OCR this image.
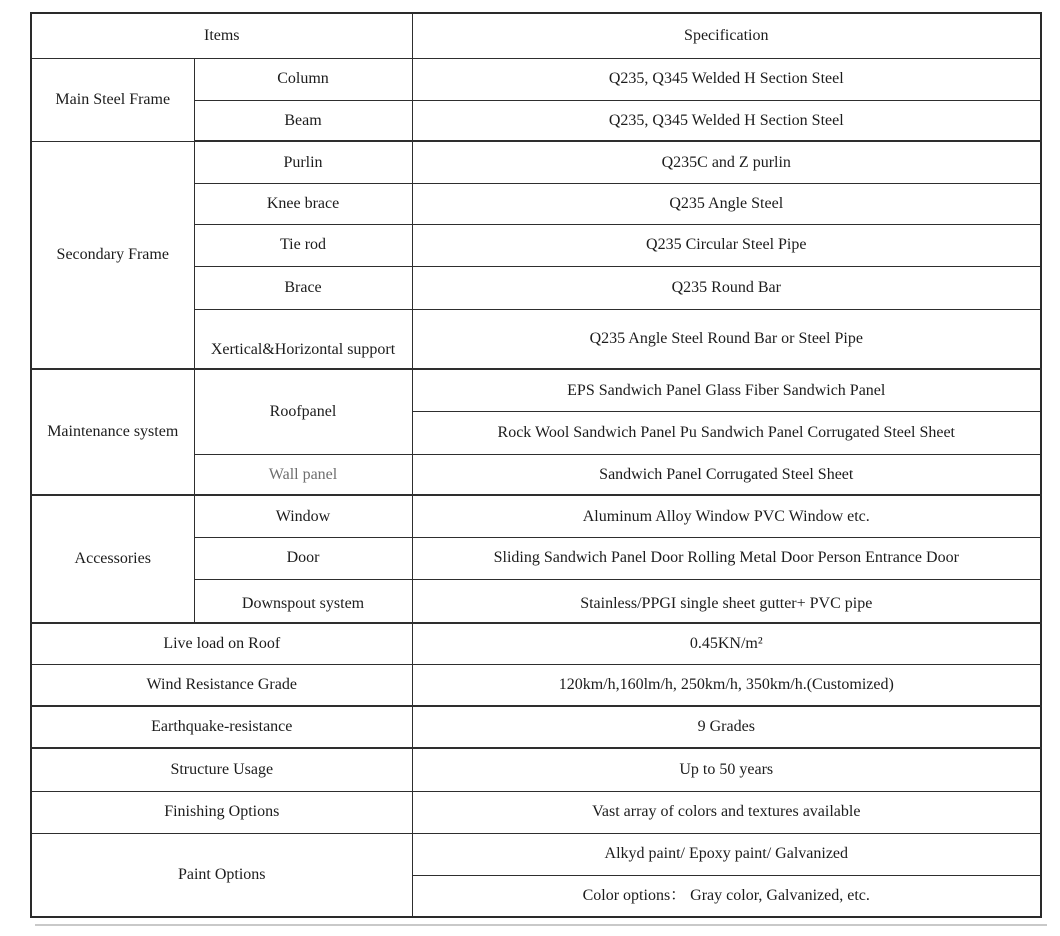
Items		Specification
Main Steel Frame	Column	Q235, Q345 Welded H Section Steel
	Beam	Q235, Q345 Welded H Section Steel
Secondary Frame	Purlin	Q235C and Z purlin
	Knee brace	Q235 Angle Steel
	Tie rod	Q235 Circular Steel Pipe
	Brace	Q235 Round Bar
	Xertical&Horizontal support	Q235 Angle Steel Round Bar or Steel Pipe
Maintenance system	Roofpanel	EPS Sandwich Panel Glass Fiber Sandwich Panel
		Rock Wool Sandwich Panel Pu Sandwich Panel Corrugated Steel Sheet
	Wall panel	Sandwich Panel Corrugated Steel Sheet
Accessories	Window	Aluminum Alloy Window PVC Window etc.
	Door	Sliding Sandwich Panel Door Rolling Metal Door Person Entrance Door
	Downspout system	Stainless/PPGI single sheet gutter+ PVC pipe
Live load on Roof		0.45KN/m²
Wind Resistance Grade		120km/h,160lm/h, 250km/h, 350km/h.(Customized)
Earthquake-resistance		9 Grades
Structure Usage		Up to 50 years
Finishing Options		Vast array of colors and textures available
Paint Options		Alkyd paint/ Epoxy paint/ Galvanized
		Color options： Gray color, Galvanized, etc.
